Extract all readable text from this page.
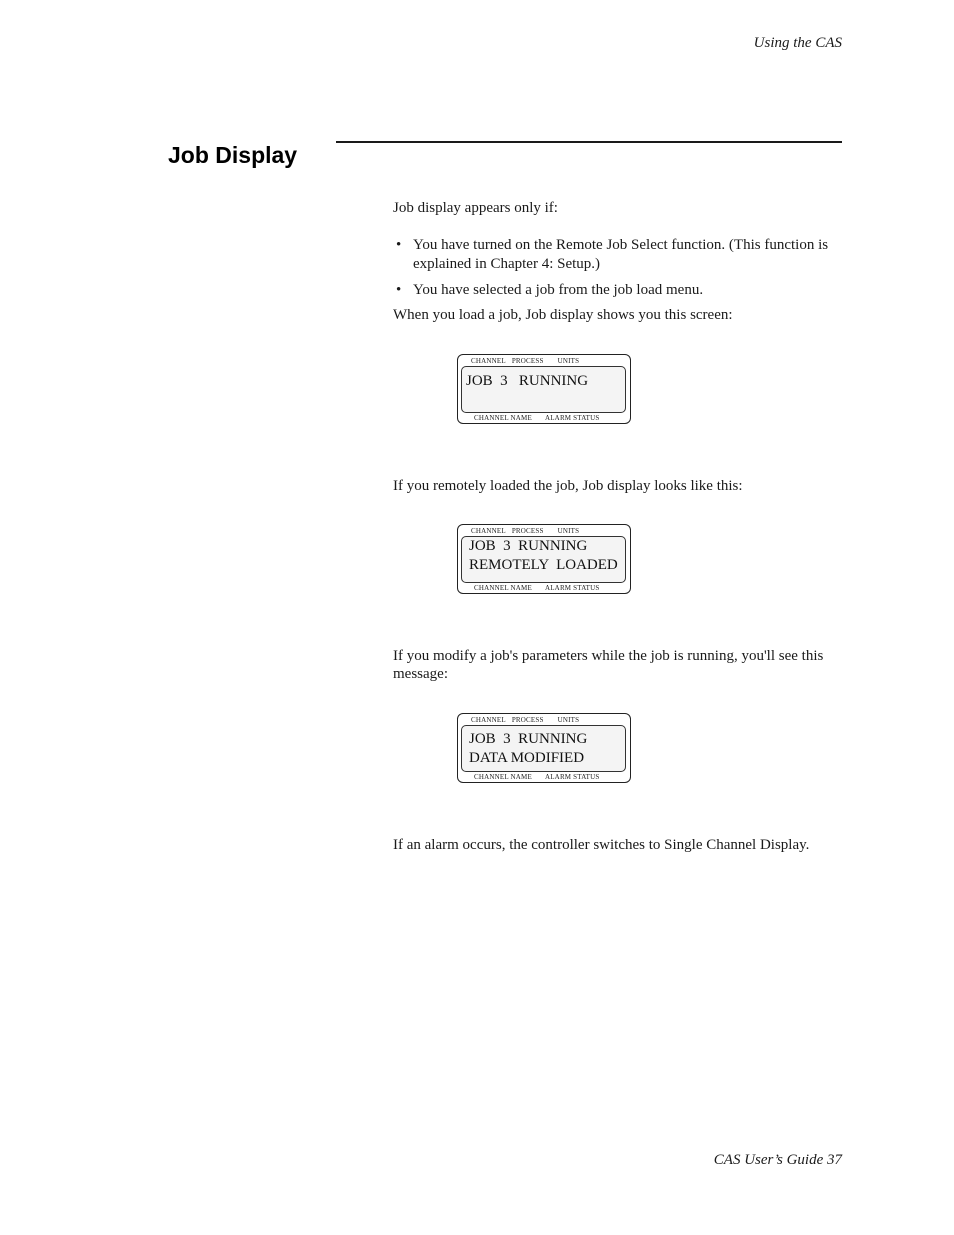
Using the CAS
Job Display

Job display appears only if:

• You have turned on the Remote Job Select function. (This function is explained in Chapter 4: Setup.)
• You have selected a job from the job load menu.

When you load a job, Job display shows you this screen:

CHANNEL PROCESS UNITS
JOB  3   RUNNING
CHANNEL NAME ALARM STATUS

If you remotely loaded the job, Job display looks like this:

CHANNEL PROCESS UNITS
JOB  3  RUNNING
REMOTELY  LOADED
CHANNEL NAME ALARM STATUS

If you modify a job's parameters while the job is running, you'll see this message:

CHANNEL PROCESS UNITS
JOB  3  RUNNING
DATA MODIFIED
CHANNEL NAME ALARM STATUS

If an alarm occurs, the controller switches to Single Channel Display.

CAS User’s Guide 37
